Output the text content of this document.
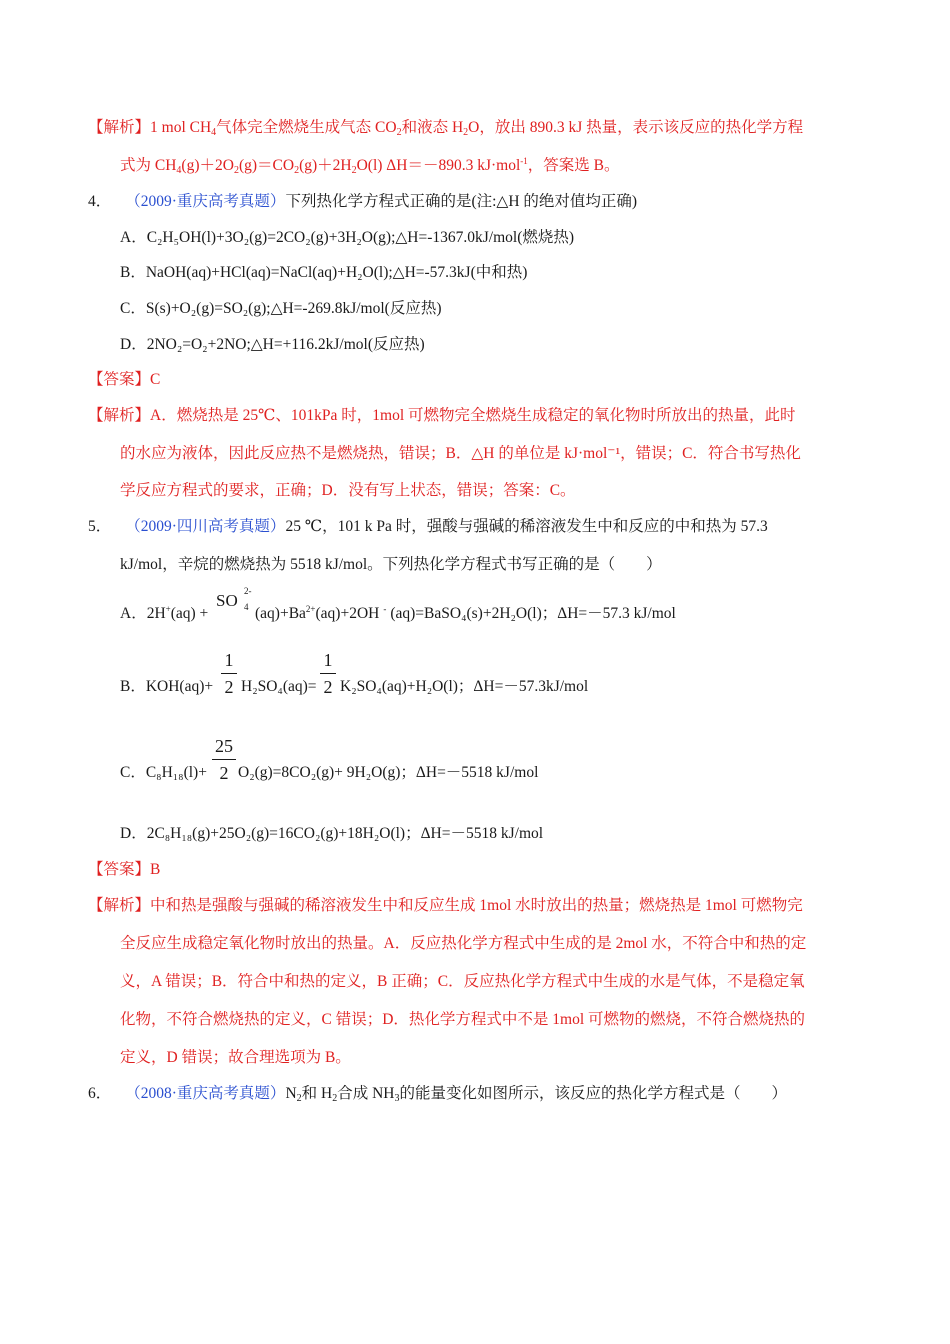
【解析】1 mol $CH_4$气体完全燃烧生成气态 $CO_2$和液态 $H_2O$，放出 890.3 kJ 热量，表示该反应的热化学方程
式为 $CH_4(g)+2O_2(g)=CO_2(g)+2H_2O(l)$ ΔH＝－890.3 kJ·mol$^{-1}$，答案选 B。
4． （2009·重庆高考真题）下列热化学方程式正确的是(注:△H 的绝对值均正确)
A．C₂H₅OH(l)+3O₂(g)=2CO₂(g)+3H₂O(g);△H=-1367.0kJ/mol(燃烧热)
B．NaOH(aq)+HCl(aq)=NaCl(aq)+H₂O(l);△H=-57.3kJ(中和热)
C．S(s)+O₂(g)=SO₂(g);△H=-269.8kJ/mol(反应热)
D．2NO₂=O₂+2NO;△H=+116.2kJ/mol(反应热)
【答案】C
【解析】A．燃烧热是 25℃、101kPa 时，1mol 可燃物完全燃烧生成稳定的氧化物时所放出的热量，此时
的水应为液体，因此反应热不是燃烧热，错误；B．△H 的单位是 kJ·mol⁻¹，错误；C．符合书写热化
学反应方程式的要求，正确；D．没有写上状态，错误；答案：C。
5． （2009·四川高考真题）25 ℃，101 k Pa 时，强酸与强碱的稀溶液发生中和反应的中和热为 57.3
kJ/mol，辛烷的燃烧热为 5518 kJ/mol。下列热化学方程式书写正确的是（　　）
A．2H+(aq) +
SO 2-
4 $(aq)+Ba^{2+}(aq)+2OH$ - (aq)=BaSO₄(s)+2H₂O(l)；ΔH=－57.3 kJ/mol
B．KOH(aq)+
1
2 H₂SO₄(aq)=
1
2 K₂SO₄(aq)+H₂O(l)；ΔH=－57.3kJ/mol
C．C₈H₁₈(l)+
25
2 O₂(g)=8CO₂(g)+ 9H₂O(g)；ΔH=－5518 kJ/mol
D．2C₈H₁₈(g)+25O₂(g)=16CO₂(g)+18H₂O(l)；ΔH=－5518 kJ/mol
【答案】B
【解析】中和热是强酸与强碱的稀溶液发生中和反应生成 1mol 水时放出的热量；燃烧热是 1mol 可燃物完
全反应生成稳定氧化物时放出的热量。A．反应热化学方程式中生成的是 2mol 水，不符合中和热的定
义，A 错误；B．符合中和热的定义，B 正确；C．反应热化学方程式中生成的水是气体，不是稳定氧
化物，不符合燃烧热的定义，C 错误；D．热化学方程式中不是 1mol 可燃物的燃烧，不符合燃烧热的
定义，D 错误；故合理选项为 B。
6． （2008·重庆高考真题）$N_2$和 $H_2$合成 $NH_3$的能量变化如图所示，该反应的热化学方程式是（　　）
